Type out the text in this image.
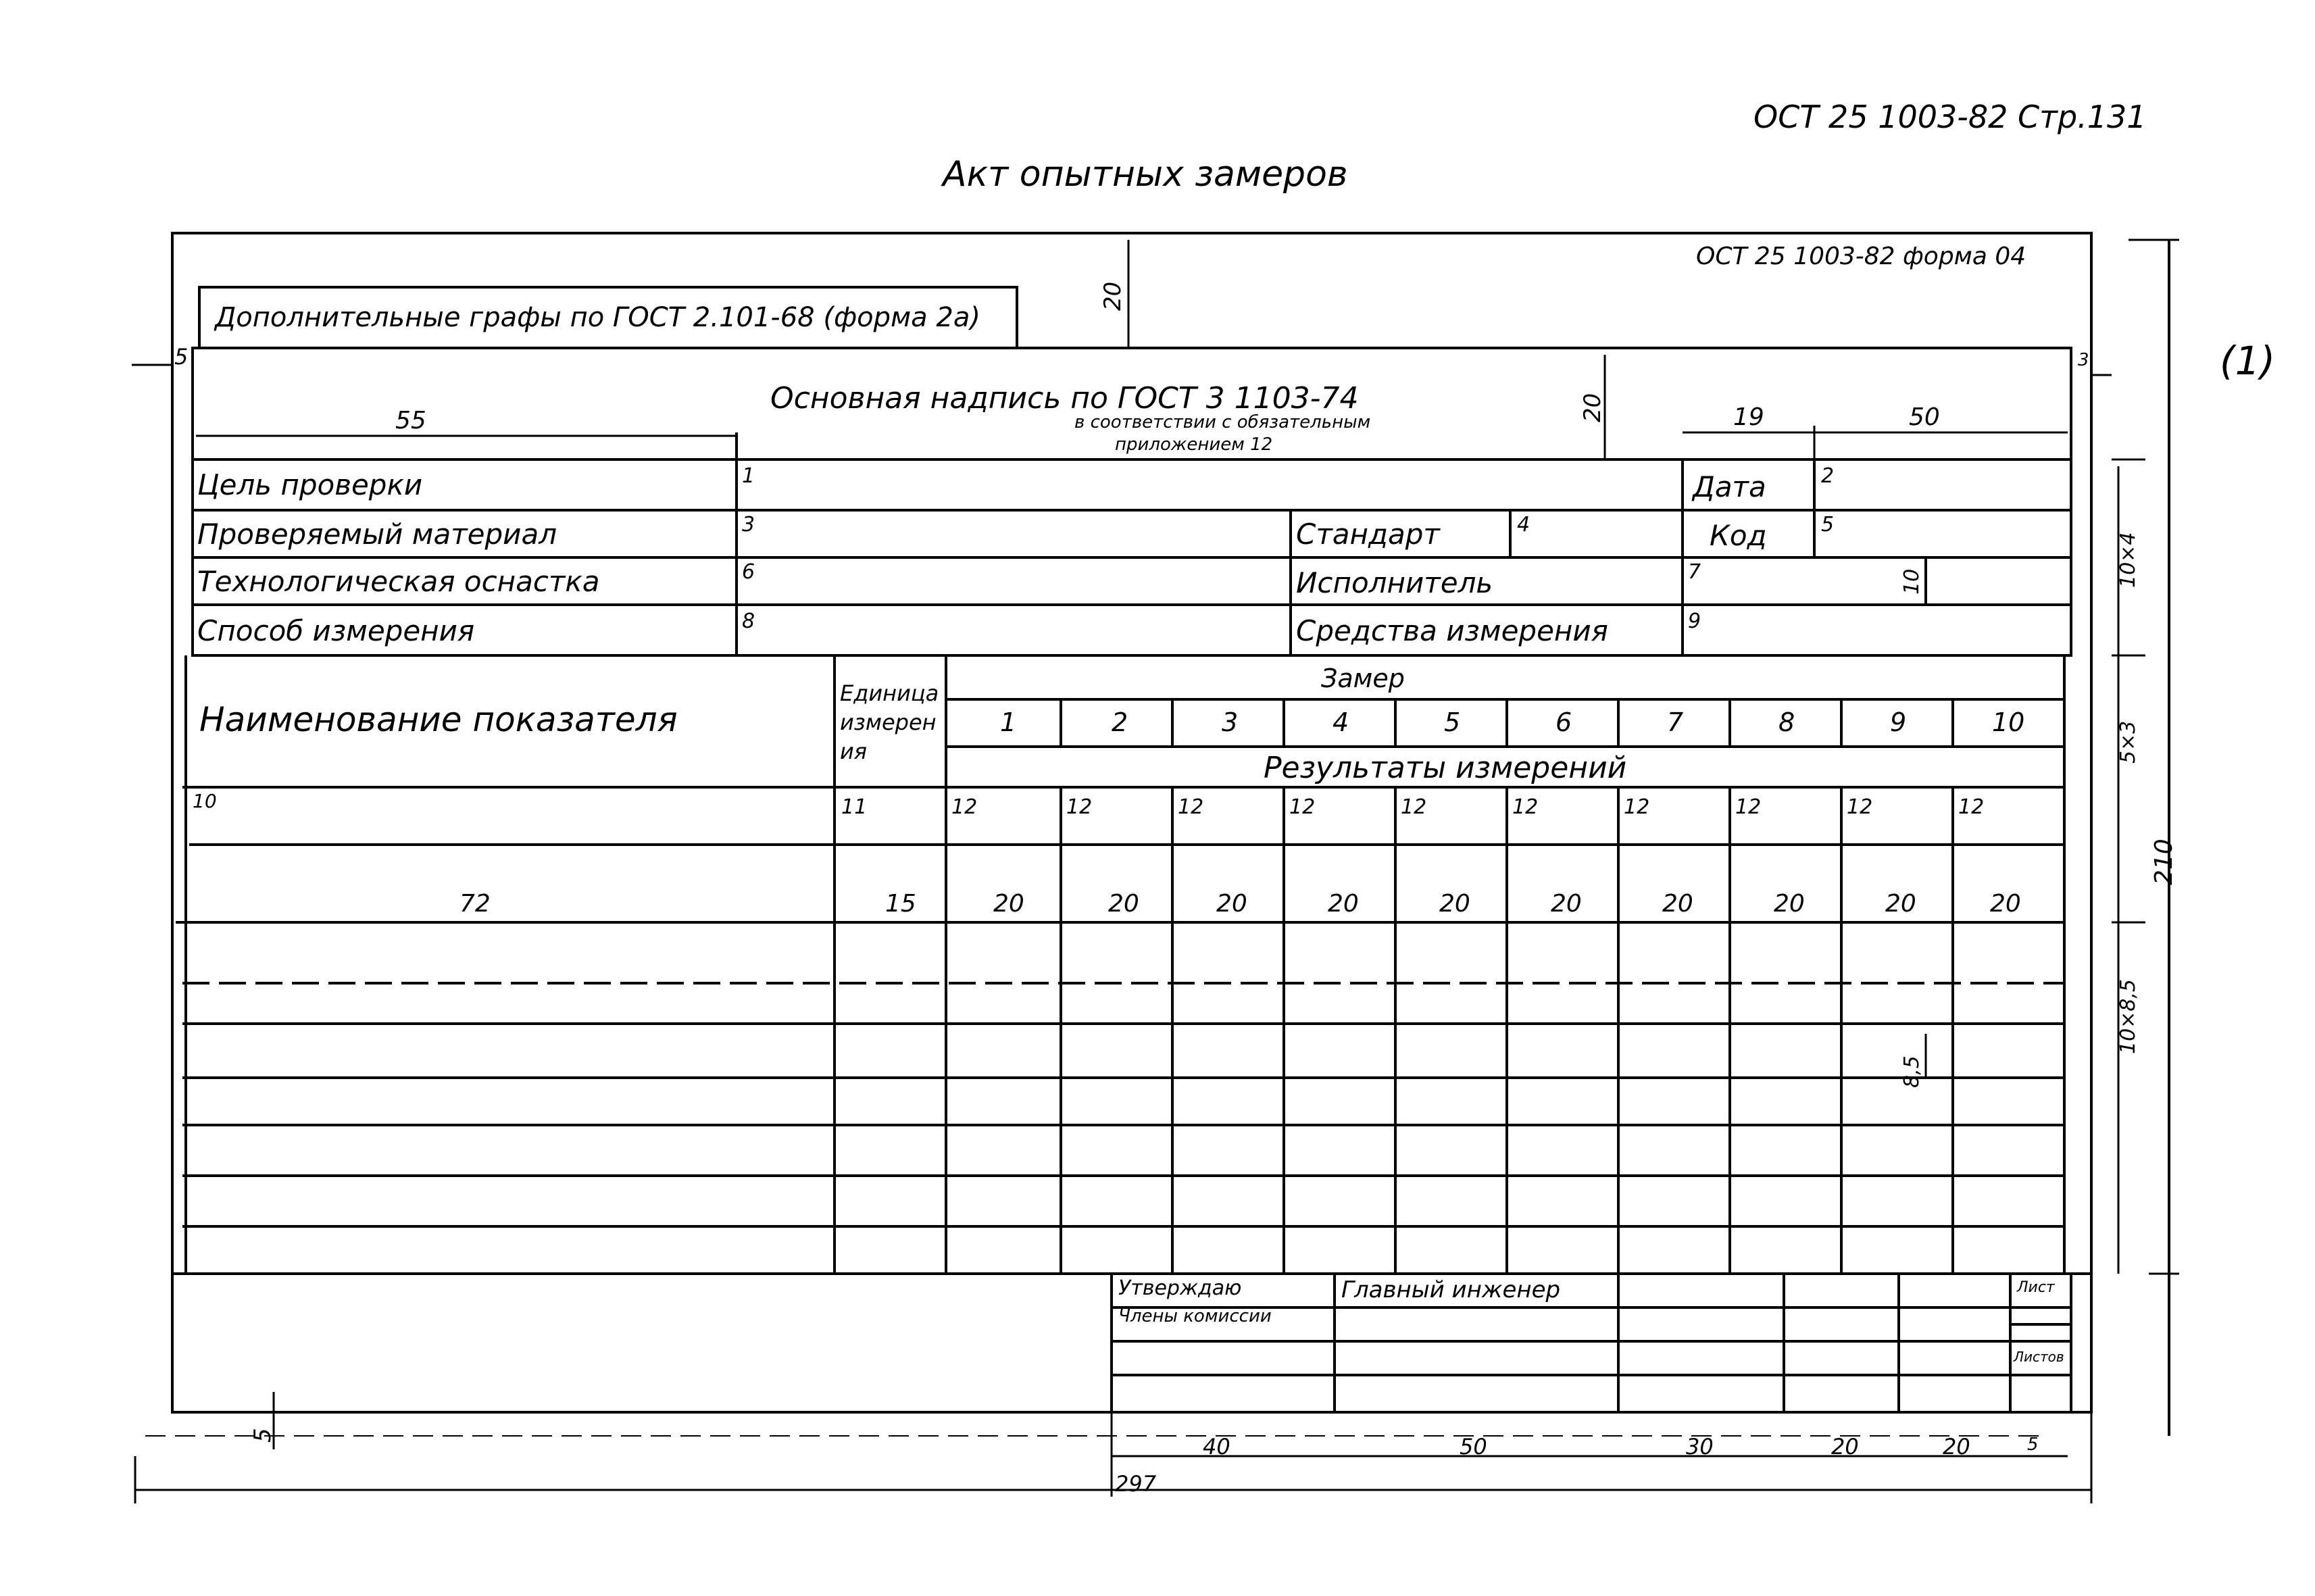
ОСТ 25 1003-82 Стр.131
Акт опытных замеров
ОСТ 25 1003-82 форма 04
(1)
Дополнительные графы по ГОСТ 2.101-68 (форма 2а)
20
5
Основная надпись по ГОСТ 3 1103-74
в соответствии с обязательным
приложением 12
20
55	19	50
3
Цель проверки	1	Дата	2
Проверяемый материал	3	Стандарт	4	Код	5
Технологическая оснастка	6	Исполнитель	7	10
Способ измерения	8	Средства измерения	9
Наименование показателя
Единица измерения
Замер
Результаты измерений
1	2	3	4	5	6	7	8	9	10
10	11	12	12	12	12	12	12	12	12	12	12
72	15	20	20	20	20	20	20	20	20	20	20
8,5
10×4
5×3
10×8,5
210
5
Утверждаю	Главный инженер
Члены комиссии
Лист
Листов
40	50	30	20	20	5
297
